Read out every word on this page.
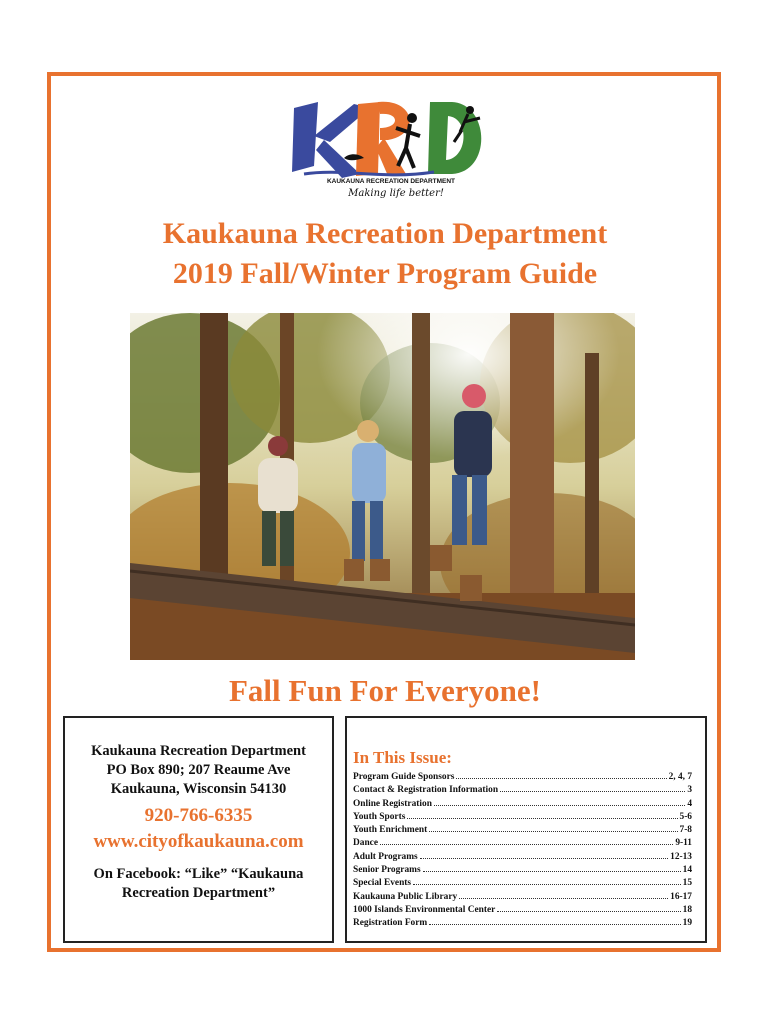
KAUKAUNA RECREATION DEPARTMENT
Making life better!
Kaukauna Recreation Department
2019 Fall/Winter Program Guide
Fall Fun For Everyone!
Kaukauna Recreation Department
PO Box 890; 207 Reaume Ave
Kaukauna, Wisconsin 54130
920-766-6335
www.cityofkaukauna.com
On Facebook: “Like” “Kaukauna
Recreation Department”
In This Issue:
Program Guide Sponsors	2, 4, 7
Contact & Registration Information	3
Online Registration	4
Youth Sports	5-6
Youth Enrichment	7-8
Dance	9-11
Adult Programs	12-13
Senior Programs	14
Special Events	15
Kaukauna Public Library	16-17
1000 Islands Environmental Center	18
Registration Form	19
